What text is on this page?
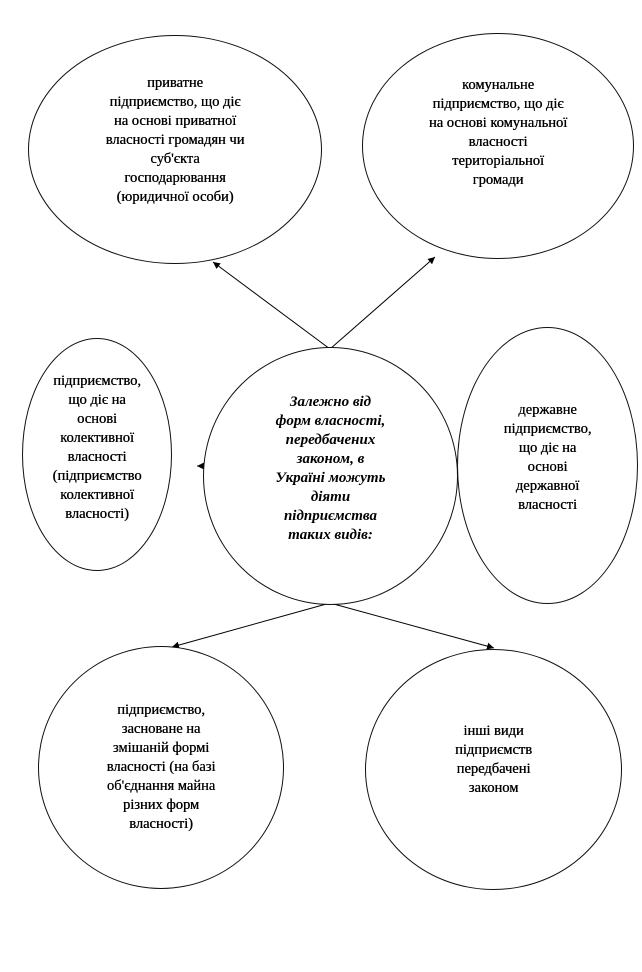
приватне
підприємство, що діє
на основі приватної
власності громадян чи
суб'єкта
господарювання
(юридичної особи)
комунальне
підприємство, що діє
на основі комунальної
власності
територіальної
громади
підприємство,
що діє на
основі
колективної
власності
(підприємство
колективної
власності)
Залежно від
форм власності,
передбачених
законом, в
Україні можуть
діяти
підприємства
таких видів:
державне
підприємство,
що діє на
основі
державної
власності
підприємство,
засноване на
змішаній формі
власності (на базі
об'єднання майна
різних форм
власності)
інші види
підприємств
передбачені
законом
